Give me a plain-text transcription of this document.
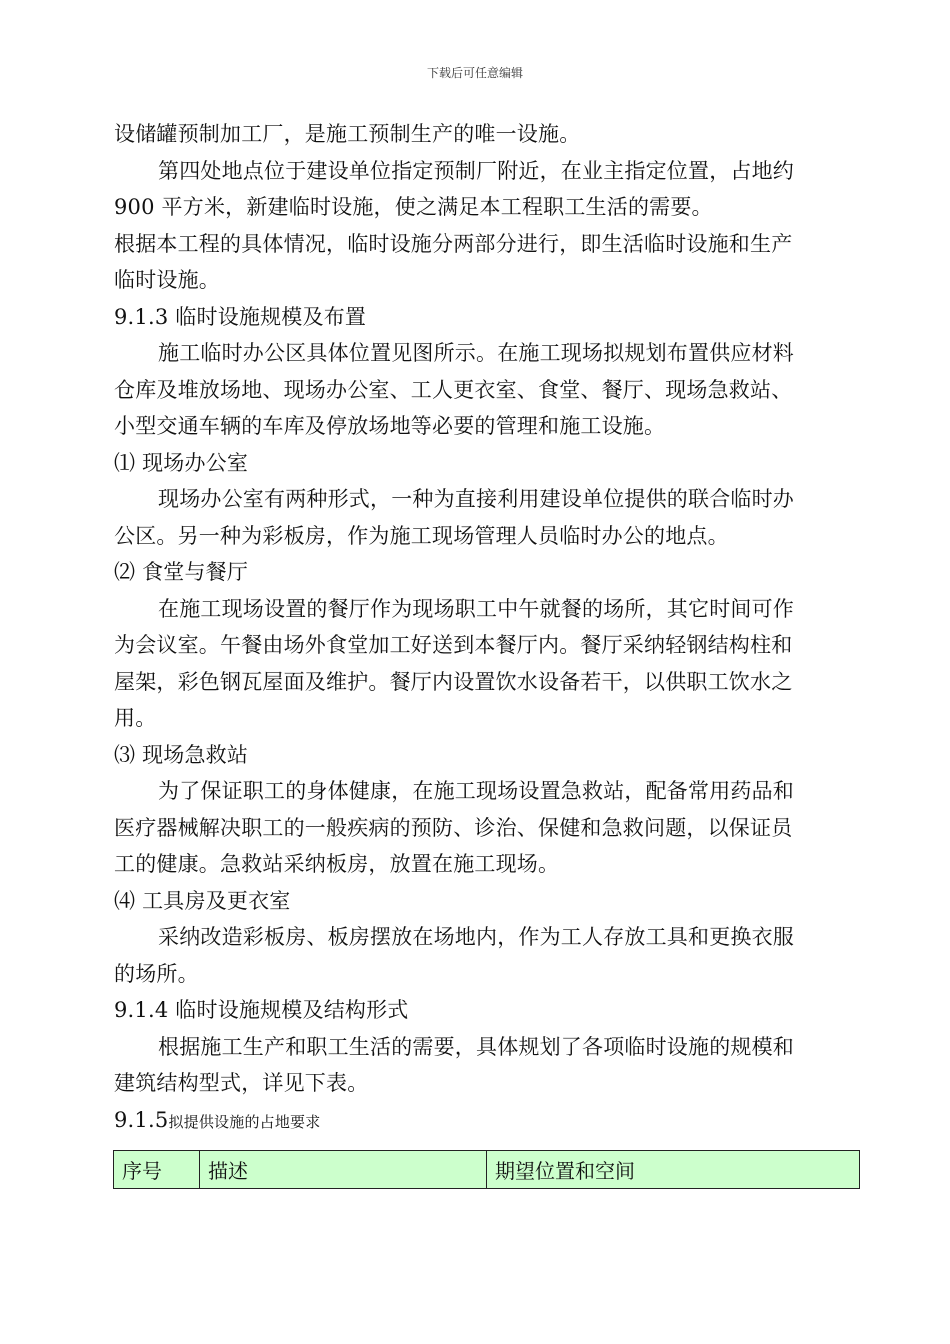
下载后可任意编辑
设储罐预制加工厂，是施工预制生产的唯一设施。
第四处地点位于建设单位指定预制厂附近，在业主指定位置，占地约
900 平方米，新建临时设施，使之满足本工程职工生活的需要。
根据本工程的具体情况，临时设施分两部分进行，即生活临时设施和生产
临时设施。
9.1.3 临时设施规模及布置
施工临时办公区具体位置见图所示。在施工现场拟规划布置供应材料
仓库及堆放场地、现场办公室、工人更衣室、食堂、餐厅、现场急救站、
小型交通车辆的车库及停放场地等必要的管理和施工设施。
⑴ 现场办公室
现场办公室有两种形式，一种为直接利用建设单位提供的联合临时办
公区。另一种为彩板房，作为施工现场管理人员临时办公的地点。
⑵ 食堂与餐厅
在施工现场设置的餐厅作为现场职工中午就餐的场所，其它时间可作
为会议室。午餐由场外食堂加工好送到本餐厅内。餐厅采纳轻钢结构柱和
屋架，彩色钢瓦屋面及维护。餐厅内设置饮水设备若干，以供职工饮水之
用。
⑶ 现场急救站
为了保证职工的身体健康，在施工现场设置急救站，配备常用药品和
医疗器械解决职工的一般疾病的预防、诊治、保健和急救问题，以保证员
工的健康。急救站采纳板房，放置在施工现场。
⑷ 工具房及更衣室
采纳改造彩板房、板房摆放在场地内，作为工人存放工具和更换衣服
的场所。
9.1.4 临时设施规模及结构形式
根据施工生产和职工生活的需要，具体规划了各项临时设施的规模和
建筑结构型式，详见下表。
9.1.5拟提供设施的占地要求
序号	描述	期望位置和空间
